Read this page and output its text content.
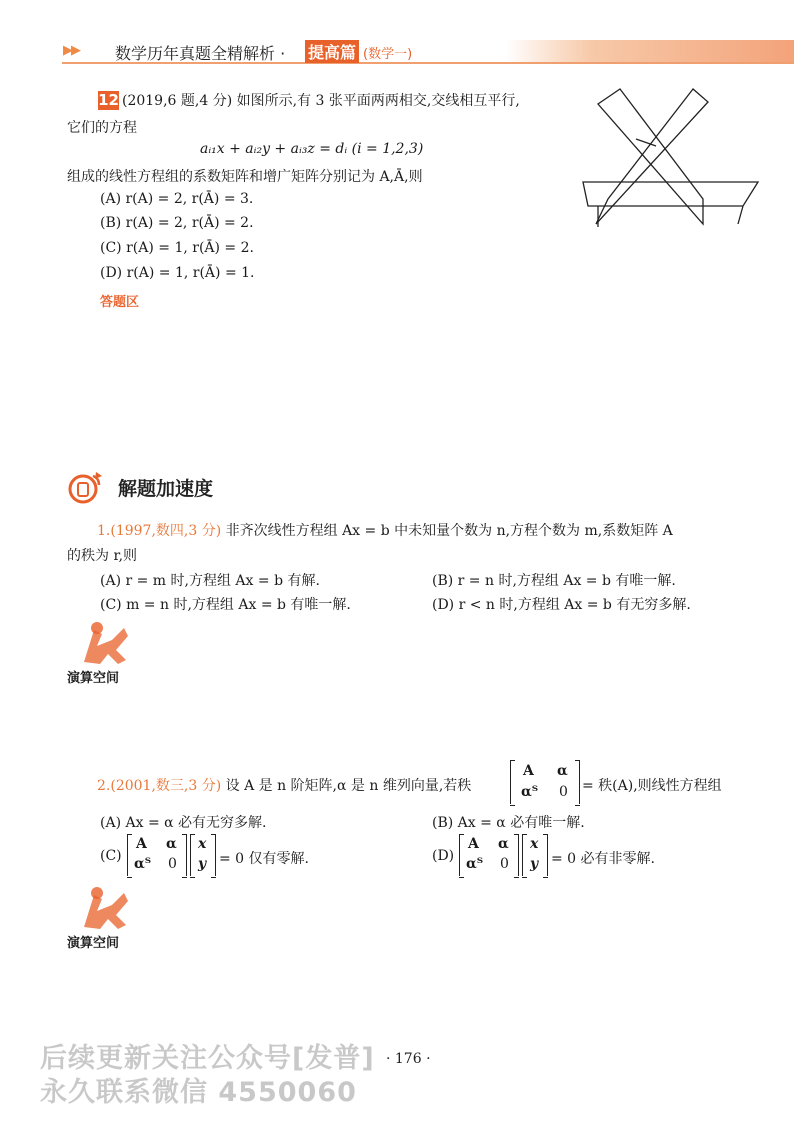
▶▶ 数学历年真题全精解析 · 提高篇 (数学一)
12 (2019,6 题,4 分) 如图所示,有 3 张平面两两相交,交线相互平行,
它们的方程
aᵢ₁x + aᵢ₂y + aᵢ₃z = dᵢ (i = 1,2,3)
组成的线性方程组的系数矩阵和增广矩阵分别记为 A,Ā,则
(A) r(A) = 2, r(Ā) = 3.
(B) r(A) = 2, r(Ā) = 2.
(C) r(A) = 1, r(Ā) = 2.
(D) r(A) = 1, r(Ā) = 1.
答题区
解题加速度
1.(1997,数四,3 分) 非齐次线性方程组 Ax = b 中未知量个数为 n,方程个数为 m,系数矩阵 A
的秩为 r,则
(A) r = m 时,方程组 Ax = b 有解.	(B) r = n 时,方程组 Ax = b 有唯一解.
(C) m = n 时,方程组 Ax = b 有唯一解.	(D) r < n 时,方程组 Ax = b 有无穷多解.
演算空间
2.(2001,数三,3 分) 设 A 是 n 阶矩阵,α 是 n 维列向量,若秩
A α
αᵀ 0 = 秩(A),则线性方程组
(A) Ax = α 必有无穷多解.	(B) Ax = α 必有唯一解.
(C)
A α
αᵀ 0
x
y = 0 仅有零解.	(D)
A α
αᵀ 0
x
y = 0 必有非零解.
演算空间
后续更新关注公众号[发普]
永久联系微信 4550060
· 176 ·
